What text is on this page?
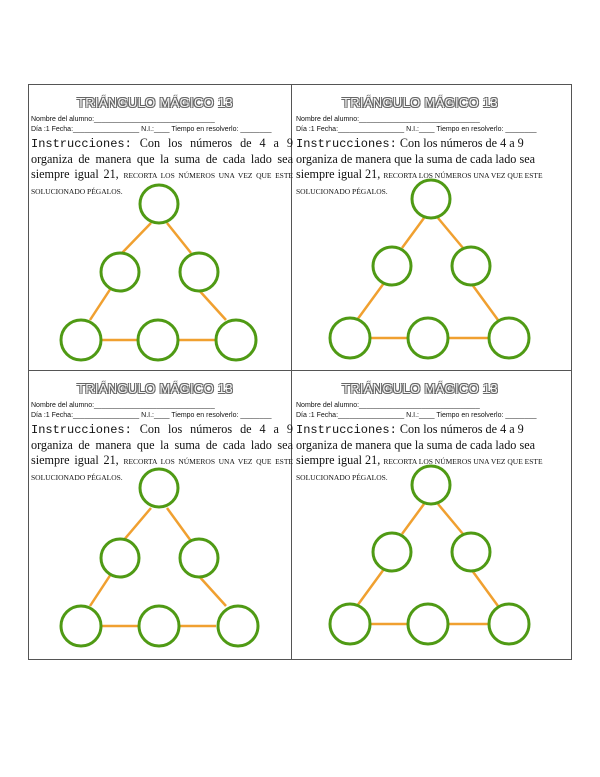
TRIÁNGULO MÁGICO 13
Nombre del alumno:_______________________________
Día :1 Fecha:_________________ N.I.:____ Tiempo en resolverlo: ________
Instrucciones: Con los números de 4 a 9 organiza de manera que la suma de cada lado sea siempre igual 21, RECORTA LOS NÚMEROS UNA VEZ QUE ESTE SOLUCIONADO PÉGALOS.
TRIÁNGULO MÁGICO 13
Nombre del alumno:_______________________________
Día :1 Fecha:_________________ N.I.:____ Tiempo en resolverlo: ________
Instrucciones: Con los números de 4 a 9 organiza de manera que la suma de cada lado sea siempre igual 21, RECORTA LOS NÚMEROS UNA VEZ QUE ESTE SOLUCIONADO PÉGALOS.
TRIÁNGULO MÁGICO 13
Nombre del alumno:_______________________________
Día :1 Fecha:_________________ N.I.:____ Tiempo en resolverlo: ________
Instrucciones: Con los números de 4 a 9 organiza de manera que la suma de cada lado sea siempre igual 21, RECORTA LOS NÚMEROS UNA VEZ QUE ESTE SOLUCIONADO PÉGALOS.
TRIÁNGULO MÁGICO 13
Nombre del alumno:_______________________________
Día :1 Fecha:_________________ N.I.:____ Tiempo en resolverlo: ________
Instrucciones: Con los números de 4 a 9 organiza de manera que la suma de cada lado sea siempre igual 21, RECORTA LOS NÚMEROS UNA VEZ QUE ESTE SOLUCIONADO PÉGALOS.
